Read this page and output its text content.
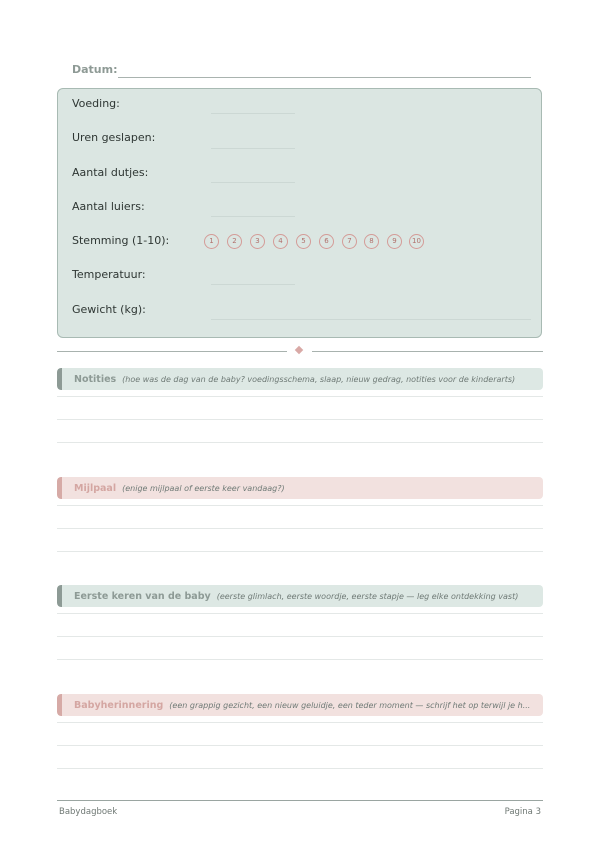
Datum:
Voeding:
Uren geslapen:
Aantal dutjes:
Aantal luiers:
Stemming (1-10):	1	2	3	4	5	6	7	8	9	10
Temperatuur:
Gewicht (kg):
Notities (hoe was de dag van de baby? voedingsschema, slaap, nieuw gedrag, notities voor de kinderarts)
Mijlpaal (enige mijlpaal of eerste keer vandaag?)
Eerste keren van de baby (eerste glimlach, eerste woordje, eerste stapje — leg elke ontdekking vast)
Babyherinnering (een grappig gezicht, een nieuw geluidje, een teder moment — schrijf het op terwijl je h...
Babydagboek	Pagina 3
